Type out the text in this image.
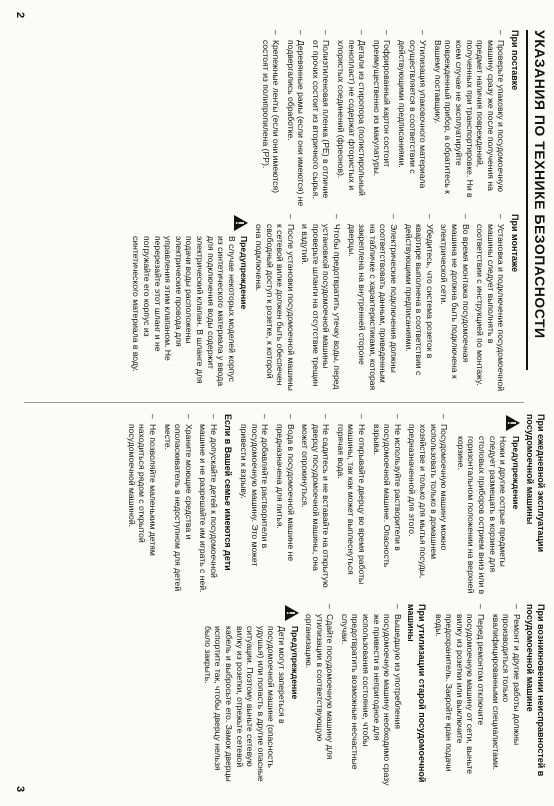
2
3
УКАЗАНИЯ ПО ТЕХНИКЕ БЕЗОПАСНОСТИ
При поставке
–
Проверьте упаковку и посудомоечную машину сразу же после получения на предмет наличия повреждений, полученных при транспортировке. Ни в коем случае не эксплуатируйте поврежденный прибор, а обратитесь к Вашему поставщику.
–
Утилизация упаковочного материала осуществляется в соответствии с действующими предписаниями.
–
Гофрированный картон состоит преимущественно из макулатуры.
–
Детали из стиропора (полистирольный пенопласт) не содержат фтористых и хлористых соединений (фреонов).
–
Полиэтиленовая пленка (PE) в отличие от прочих состоит из вторичного сырья.
–
Деревянные рамы (если они имеются) не подвергались обработке.
–
Крепежные ленты (если они имеются) состоят из полипропилена (PP).
При монтаже
–
Установка и подключение посудомоечной машины следует выполнять в соответствии с инструкцией по монтажу.
–
Во время монтажа посудомоечная машина не должна быть подключена к электрической сети.
–
Убедитесь, что система розеток в квартире выполнена в соответствии с действующими предписаниями.
–
Электрические подключения должны соответствовать данным, приведенным на табличке с характеристиками, которая закреплена на внутренней стороне дверцы.
–
Чтобы предотвратить утечку воды, перед установкой посудомоечной машины проверьте шланги на отсутствие трещин и вздутий.
–
После установки посудомоечной машины к сетевой вилке должен быть обеспечен свободный доступ к розетке, к которой она подключена.
Предупреждение
В случае некоторых моделей корпус из синтетического материала у ввода для подключения воды содержит электрический клапан. В шланге для подачи воды расположены электрические провода для управления этим клапаном. Не перерезайте этот шланг и не погружайте его корпус из синтетического материала в воду.
При ежедневной эксплуатации посудомоечной машины
Предупреждение
Ножи и другие острые предметы следует размещать в корзине для столовых приборов острием вниз или в горизонтальном положении на верхней корзине.
–
Посудомоечную машину можно использовать только в домашнем хозяйстве и только для мытья посуды, предназначенной для этого.
–
Не используйте растворители в посудомоечной машине. Опасность взрыва.
–
Не открывайте дверцу во время работы машины, так как может выплеснуться горячая вода.
–
Не садитесь и не вставайте на открытую дверцу посудомоечной машины, она может опрокинуться.
–
Вода в посудомоечной машине не предназначена для питья.
–
Не добавляйте растворители в посудомоечную машину. Это может привести к взрыву.
Если в Вашей семье имеются дети
–
Не допускайте детей к посудомоечной машине и не разрешайте им играть с ней.
–
Храните моющие средства и ополаскиватель в недоступном для детей месте.
–
Не позволяйте маленьким детям находиться рядом с открытой посудомоечной машиной.
При возникновении неисправностей в посудомоечной машине
–
Ремонт и другие работы должны производиться только квалифицированными специалистами.
–
Перед ремонтом отключите посудомоечную машину от сети, выньте вилку из розетки или выключите предохранитель. Закройте кран подачи воды.
При утилизации старой посудомоечной машины
–
Вышедшую из употребления посудомоечную машину необходимо сразу же привести в непригодное для использования состояние, чтобы предотвратить возможные несчастные случаи.
–
Сдайте посудомоечную машину для утилизации в соответствующую организацию.
Предупреждение
Дети могут запереться в посудомоечной машине (опасность удушья) или попасть в другие опасные ситуации. Поэтому выньте сетевую вилку из розетки, отрежьте сетевой кабель и выбросьте его. Замок дверцы испортите так, чтобы дверцу нельзя было закрыть.
